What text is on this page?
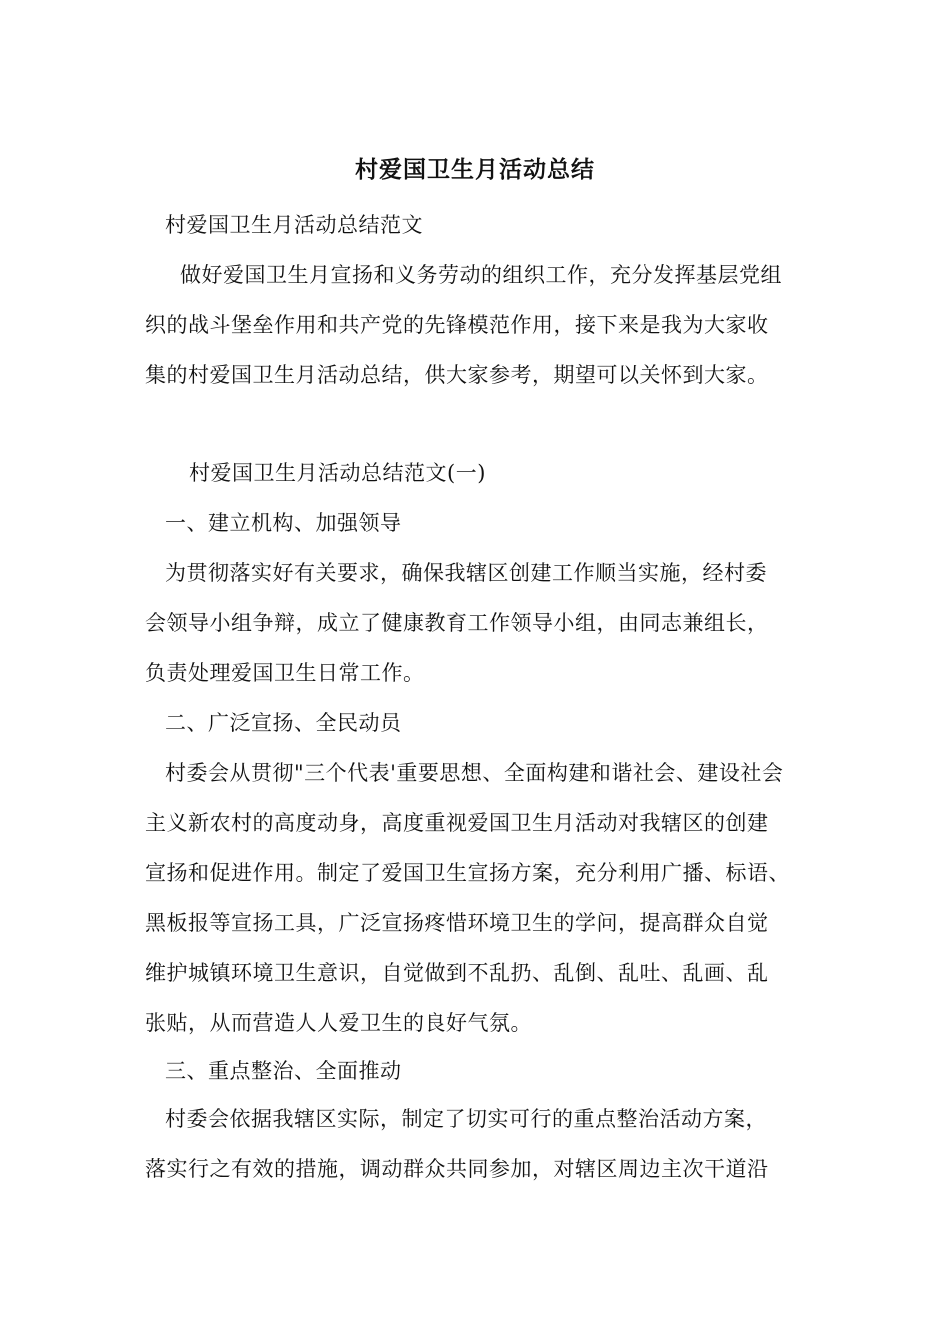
村爱国卫生月活动总结
村爱国卫生月活动总结范文
做好爱国卫生月宣扬和义务劳动的组织工作，充分发挥基层党组
织的战斗堡垒作用和共产党的先锋模范作用，接下来是我为大家收
集的村爱国卫生月活动总结，供大家参考，期望可以关怀到大家。
村爱国卫生月活动总结范文(一)
一、建立机构、加强领导
为贯彻落实好有关要求，确保我辖区创建工作顺当实施，经村委
会领导小组争辩，成立了健康教育工作领导小组，由同志兼组长，
负责处理爱国卫生日常工作。
二、广泛宣扬、全民动员
村委会从贯彻"三个代表'重要思想、全面构建和谐社会、建设社会
主义新农村的高度动身，高度重视爱国卫生月活动对我辖区的创建
宣扬和促进作用。制定了爱国卫生宣扬方案，充分利用广播、标语、
黑板报等宣扬工具，广泛宣扬疼惜环境卫生的学问，提高群众自觉
维护城镇环境卫生意识，自觉做到不乱扔、乱倒、乱吐、乱画、乱
张贴，从而营造人人爱卫生的良好气氛。
三、重点整治、全面推动
村委会依据我辖区实际，制定了切实可行的重点整治活动方案，
落实行之有效的措施，调动群众共同参加，对辖区周边主次干道沿
